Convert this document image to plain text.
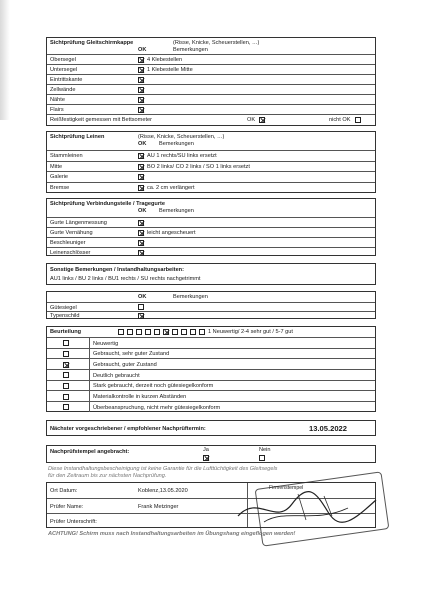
Sichtprüfung Gleitschirmkappe	(Risse, Knicke, Scheuerstellen, …)
OK	Bemerkungen
Obersegel	4 Klebestellen
Untersegel	1 Klebestelle Mitte
Eintrittskante
Zellwände
Nähte
Flairs
Reißfestigkeit gemessen mit Bettsometer	OK	nicht OK
Sichtprüfung Leinen	(Risse, Knicke, Scheuerstellen, …)
OK Bemerkungen
Stammleinen	AU 1 rechts/SU links ersetzt
Mitte	BO 2 links/ CO 2 links / SO 1 links ersetzt
Galerie
Bremse	ca. 2 cm verlängert
Sichtprüfung Verbindungsteile / Tragegurte
OK Bemerkungen
Gurte Längenmessung
Gurte Vernähung	leicht angescheuert
Beschleuniger
Leinenschlösser
Sonstige Bemerkungen / Instandhaltungsarbeiten:
AU1 links / BU 2 links / BU1 rechts / SU rechts nachgetrimmt
OK	Bemerkungen
Gütesiegel
Typenschild
Beurteilung	1 Neuwertig/ 2-4 sehr gut / 5-7 gut
Neuwertig
Gebraucht, sehr guter Zustand
Gebraucht, guter Zustand
Deutlich gebraucht
Stark gebraucht, derzeit noch gütesiegelkonform
Materialkontrolle in kurzen Abständen
Überbeanspruchung, nicht mehr gütesiegelkonform
Nächster vorgeschriebener / empfohlener Nachprüftermin:	13.05.2022
Nachprüfstempel angebracht:	Ja	Nein
Diese Instandhaltungsbescheinigung ist keine Garantie für die Lufttüchtigkeit des Gleitsegels
für den Zeitraum bis zur nächsten Nachprüfung.
Ort Datum:	Koblenz,13.05.2020	Firmenstempel
Prüfer Name:	Frank Metzinger
Prüfer Unterschrift:
ACHTUNG! Schirm muss nach Instandhaltungsarbeiten im Übungshang eingeflogen werden!
